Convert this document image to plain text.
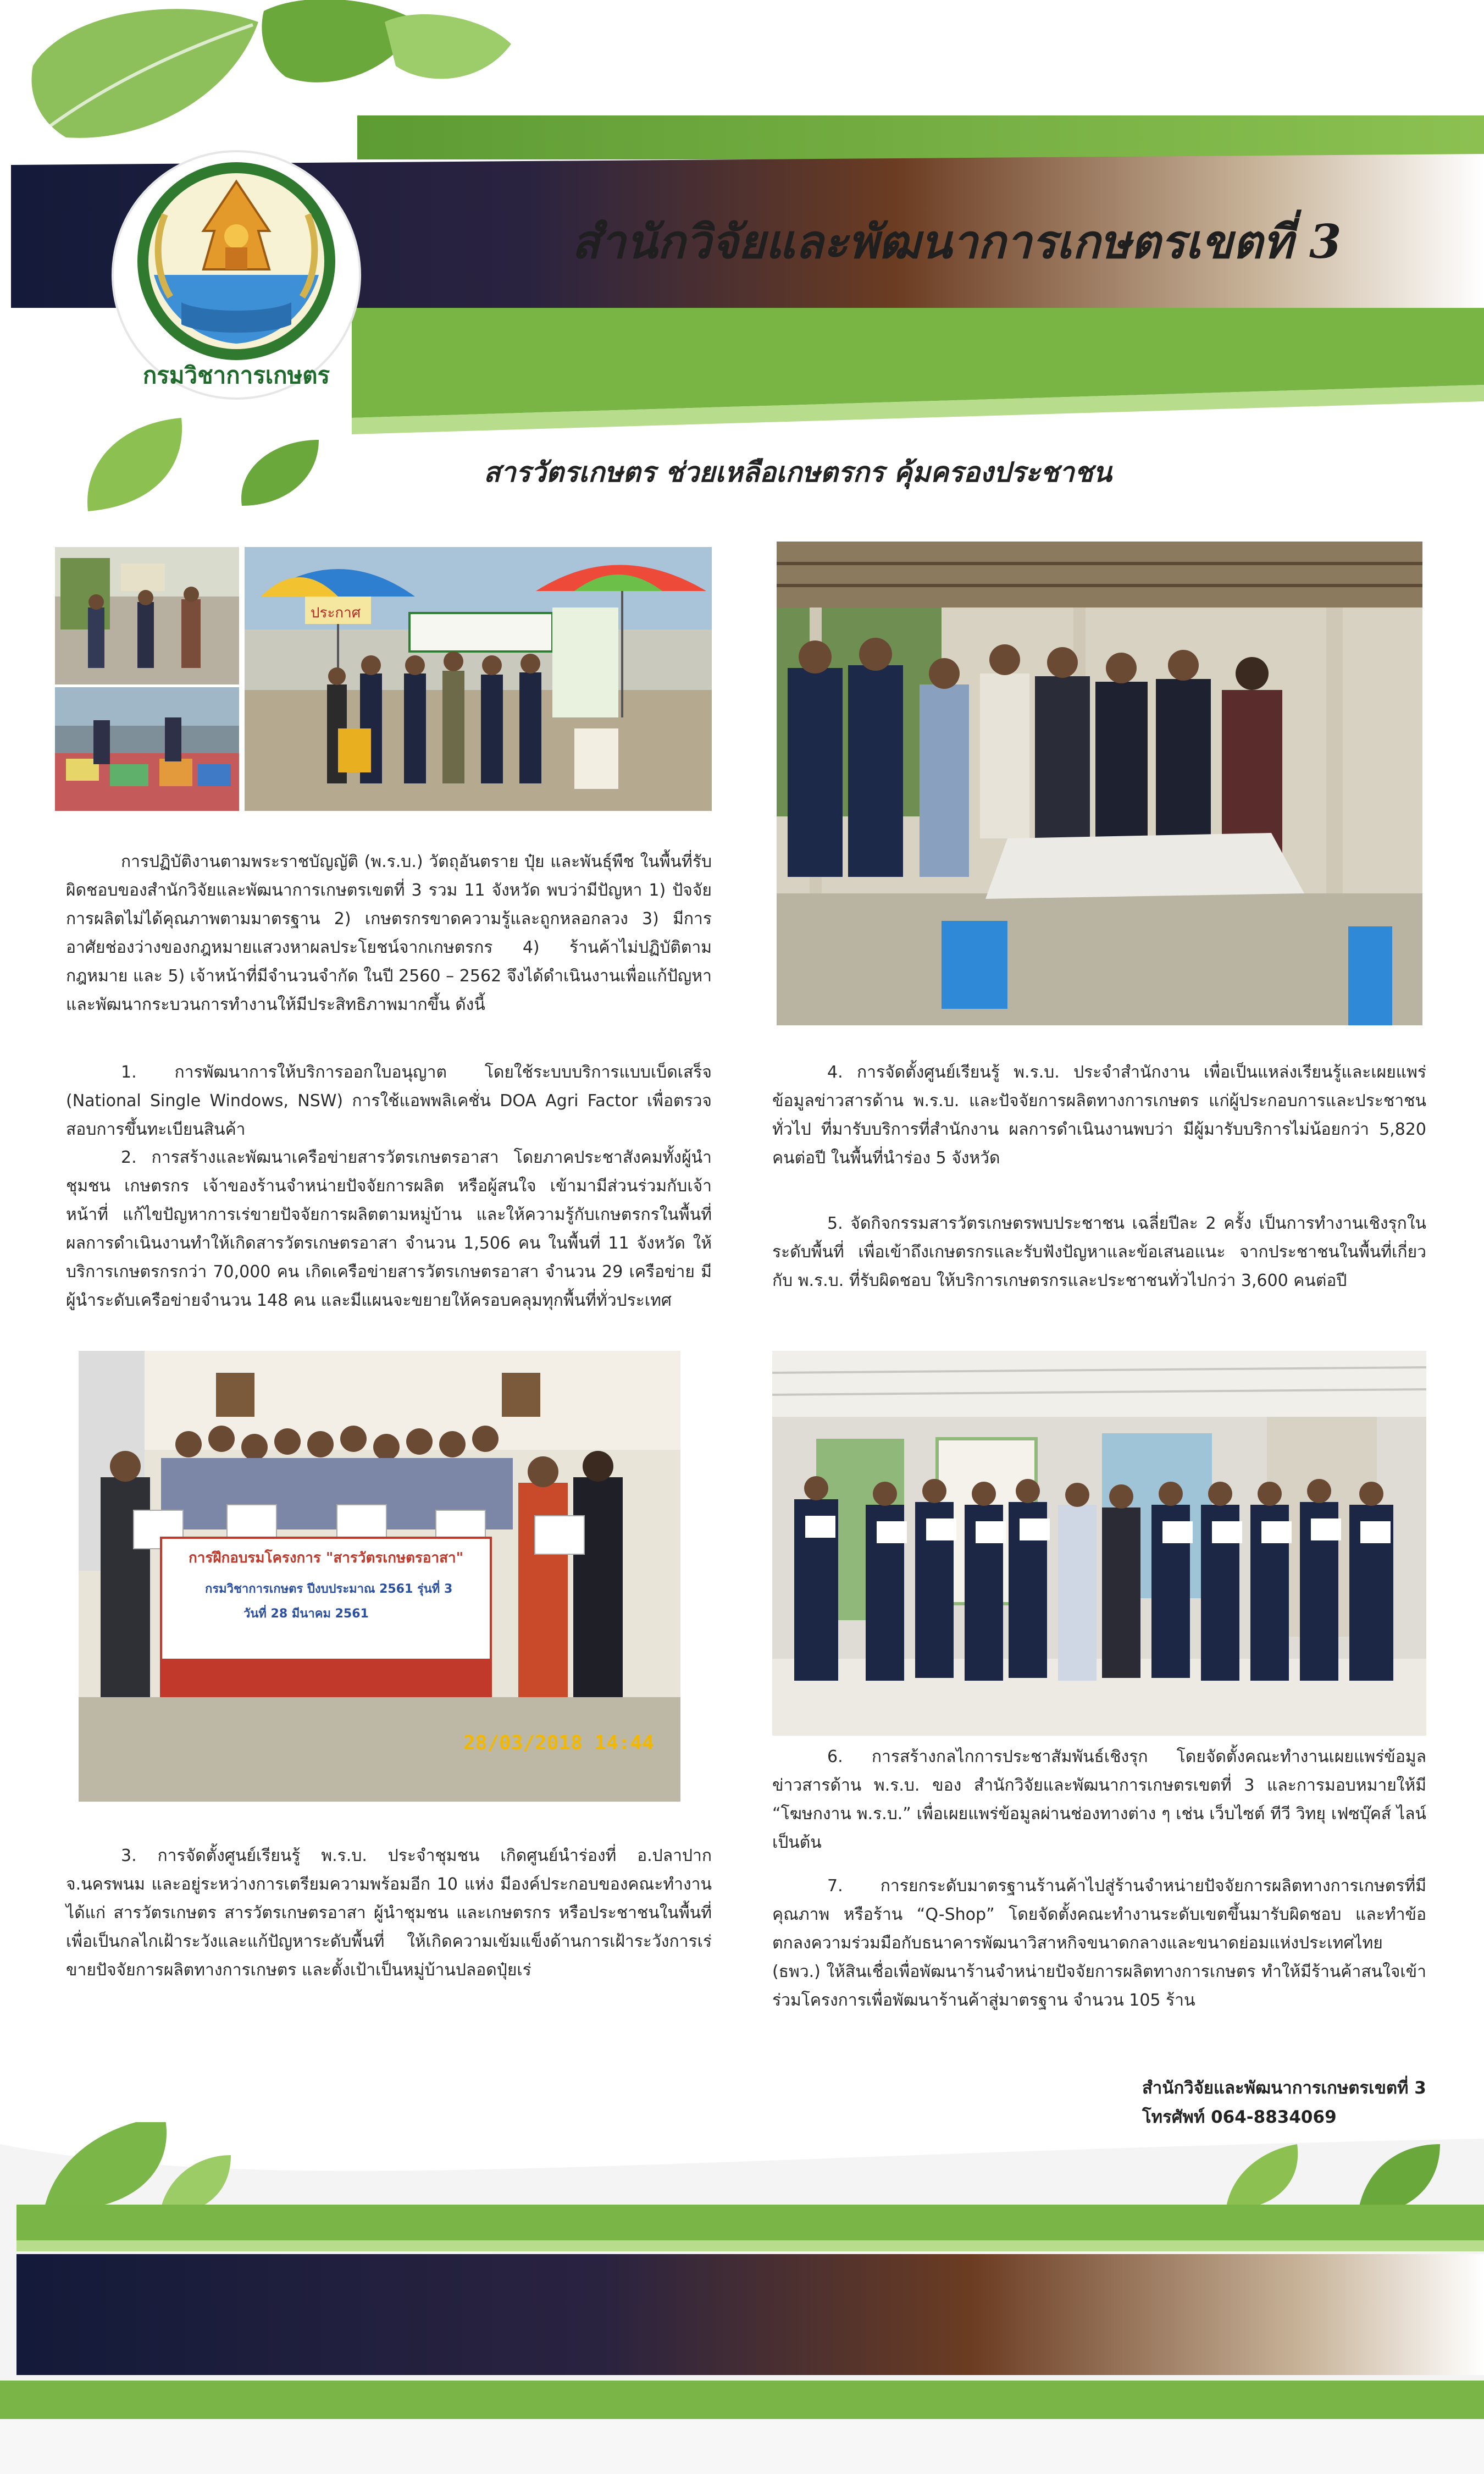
กรมวิชาการเกษตร
สำนักวิจัยและพัฒนาการเกษตรเขตที่ 3
สารวัตรเกษตร ช่วยเหลือเกษตรกร คุ้มครองประชาชน
ประกาศ
การฝึกอบรมโครงการ "สารวัตรเกษตรอาสา"
กรมวิชาการเกษตร ปีงบประมาณ 2561 รุ่นที่ 3
วันที่ 28 มีนาคม 2561
28/03/2018 14:44

การปฏิบัติงานตามพระราชบัญญัติ (พ.ร.บ.) วัตถุอันตราย ปุ๋ย และพันธุ์พืช ในพื้นที่รับผิดชอบของสำนักวิจัยและพัฒนาการเกษตรเขตที่ 3 รวม 11 จังหวัด พบว่ามีปัญหา 1) ปัจจัยการผลิตไม่ได้คุณภาพตามมาตรฐาน 2) เกษตรกรขาดความรู้และถูกหลอกลวง 3) มีการอาศัยช่องว่างของกฎหมายแสวงหาผลประโยชน์จากเกษตรกร 4) ร้านค้าไม่ปฏิบัติตามกฎหมาย และ 5) เจ้าหน้าที่มีจำนวนจำกัด ในปี 2560 – 2562 จึงได้ดำเนินงานเพื่อแก้ปัญหาและพัฒนากระบวนการทำงานให้มีประสิทธิภาพมากขึ้น ดังนี้

1. การพัฒนาการให้บริการออกใบอนุญาต โดยใช้ระบบบริการแบบเบ็ดเสร็จ (National Single Windows, NSW) การใช้แอพพลิเคชั่น DOA Agri Factor เพื่อตรวจสอบการขึ้นทะเบียนสินค้า

2. การสร้างและพัฒนาเครือข่ายสารวัตรเกษตรอาสา โดยภาคประชาสังคมทั้งผู้นำชุมชน เกษตรกร เจ้าของร้านจำหน่ายปัจจัยการผลิต หรือผู้สนใจ เข้ามามีส่วนร่วมกับเจ้าหน้าที่ แก้ไขปัญหาการเร่ขายปัจจัยการผลิตตามหมู่บ้าน และให้ความรู้กับเกษตรกรในพื้นที่ ผลการดำเนินงานทำให้เกิดสารวัตรเกษตรอาสา จำนวน 1,506 คน ในพื้นที่ 11 จังหวัด ให้บริการเกษตรกรกว่า 70,000 คน เกิดเครือข่ายสารวัตรเกษตรอาสา จำนวน 29 เครือข่าย มีผู้นำระดับเครือข่ายจำนวน 148 คน และมีแผนจะขยายให้ครอบคลุมทุกพื้นที่ทั่วประเทศ

3. การจัดตั้งศูนย์เรียนรู้ พ.ร.บ. ประจำชุมชน เกิดศูนย์นำร่องที่ อ.ปลาปาก จ.นครพนม และอยู่ระหว่างการเตรียมความพร้อมอีก 10 แห่ง มีองค์ประกอบของคณะทำงาน ได้แก่ สารวัตรเกษตร สารวัตรเกษตรอาสา ผู้นำชุมชน และเกษตรกร หรือประชาชนในพื้นที่ เพื่อเป็นกลไกเฝ้าระวังและแก้ปัญหาระดับพื้นที่ ให้เกิดความเข้มแข็งด้านการเฝ้าระวังการเร่ขายปัจจัยการผลิตทางการเกษตร และตั้งเป้าเป็นหมู่บ้านปลอดปุ๋ยเร่

4. การจัดตั้งศูนย์เรียนรู้ พ.ร.บ. ประจำสำนักงาน เพื่อเป็นแหล่งเรียนรู้และเผยแพร่ข้อมูลข่าวสารด้าน พ.ร.บ. และปัจจัยการผลิตทางการเกษตร แก่ผู้ประกอบการและประชาชนทั่วไป ที่มารับบริการที่สำนักงาน ผลการดำเนินงานพบว่า มีผู้มารับบริการไม่น้อยกว่า 5,820 คนต่อปี ในพื้นที่นำร่อง 5 จังหวัด

5. จัดกิจกรรมสารวัตรเกษตรพบประชาชน เฉลี่ยปีละ 2 ครั้ง เป็นการทำงานเชิงรุกในระดับพื้นที่ เพื่อเข้าถึงเกษตรกรและรับฟังปัญหาและข้อเสนอแนะ จากประชาชนในพื้นที่เกี่ยวกับ พ.ร.บ. ที่รับผิดชอบ ให้บริการเกษตรกรและประชาชนทั่วไปกว่า 3,600 คนต่อปี

6. การสร้างกลไกการประชาสัมพันธ์เชิงรุก โดยจัดตั้งคณะทำงานเผยแพร่ข้อมูลข่าวสารด้าน พ.ร.บ. ของ สำนักวิจัยและพัฒนาการเกษตรเขตที่ 3 และการมอบหมายให้มี “โฆษกงาน พ.ร.บ.” เพื่อเผยแพร่ข้อมูลผ่านช่องทางต่าง ๆ เช่น เว็บไซต์ ทีวี วิทยุ เฟซบุ๊คส์ ไลน์ เป็นต้น

7. การยกระดับมาตรฐานร้านค้าไปสู่ร้านจำหน่ายปัจจัยการผลิตทางการเกษตรที่มีคุณภาพ หรือร้าน “Q-Shop” โดยจัดตั้งคณะทำงานระดับเขตขึ้นมารับผิดชอบ และทำข้อตกลงความร่วมมือกับธนาคารพัฒนาวิสาหกิจขนาดกลางและขนาดย่อมแห่งประเทศไทย (ธพว.) ให้สินเชื่อเพื่อพัฒนาร้านจำหน่ายปัจจัยการผลิตทางการเกษตร ทำให้มีร้านค้าสนใจเข้าร่วมโครงการเพื่อพัฒนาร้านค้าสู่มาตรฐาน จำนวน 105 ร้าน

สำนักวิจัยและพัฒนาการเกษตรเขตที่ 3
โทรศัพท์ 064-8834069
